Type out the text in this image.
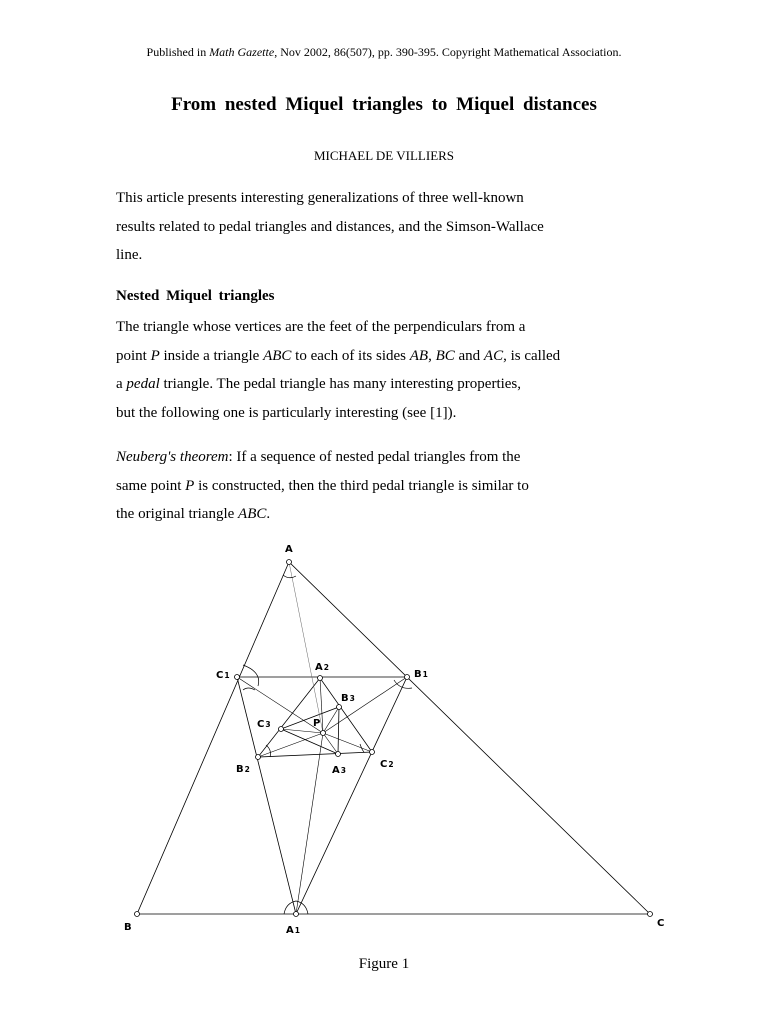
Published in Math Gazette, Nov 2002, 86(507), pp. 390-395. Copyright Mathematical Association.
From nested Miquel triangles to Miquel distances
MICHAEL DE VILLIERS
This article presents interesting generalizations of three well-known
results related to pedal triangles and distances, and the Simson-Wallace
line.
Nested Miquel triangles
The triangle whose vertices are the feet of the perpendiculars from a
point P inside a triangle ABC to each of its sides AB, BC and AC, is called
a pedal triangle. The pedal triangle has many interesting properties,
but the following one is particularly interesting (see [1]).
Neuberg's theorem: If a sequence of nested pedal triangles from the
same point P is constructed, then the third pedal triangle is similar to
the original triangle ABC.
A
B	C
P
A1
B1
C1
A2
B2	C2
A3
B3
C3
Figure 1
